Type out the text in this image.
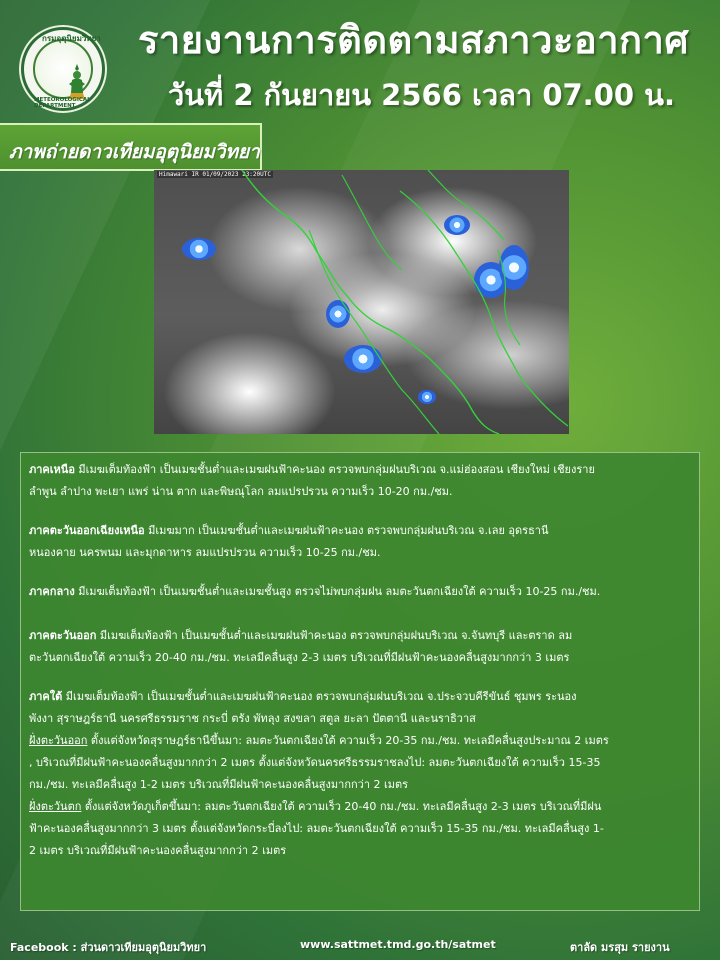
กรมอุตุนิยมวิทยา
METEOROLOGICAL DEPARTMENT
รายงานการติดตามสภาวะอากาศ
วันที่ 2 กันยายน 2566 เวลา 07.00 น.
ภาพถ่ายดาวเทียมอุตุนิยมวิทยา
Himawari IR 01/09/2023 23:20UTC
ภาคเหนือ มีเมฆเต็มท้องฟ้า เป็นเมฆชั้นต่ำและเมฆฝนฟ้าคะนอง ตรวจพบกลุ่มฝนบริเวณ จ.แม่ฮ่องสอน เชียงใหม่ เชียงราย
ลำพูน ลำปาง พะเยา แพร่ น่าน ตาก และพิษณุโลก ลมแปรปรวน ความเร็ว 10-20 กม./ชม.
ภาคตะวันออกเฉียงเหนือ มีเมฆมาก เป็นเมฆชั้นต่ำและเมฆฝนฟ้าคะนอง ตรวจพบกลุ่มฝนบริเวณ จ.เลย อุดรธานี
หนองคาย นครพนม และมุกดาหาร ลมแปรปรวน ความเร็ว 10-25 กม./ชม.
ภาคกลาง มีเมฆเต็มท้องฟ้า เป็นเมฆชั้นต่ำและเมฆชั้นสูง ตรวจไม่พบกลุ่มฝน ลมตะวันตกเฉียงใต้ ความเร็ว 10-25 กม./ชม.
ภาคตะวันออก มีเมฆเต็มท้องฟ้า เป็นเมฆชั้นต่ำและเมฆฝนฟ้าคะนอง ตรวจพบกลุ่มฝนบริเวณ จ.จันทบุรี และตราด ลม
ตะวันตกเฉียงใต้ ความเร็ว 20-40 กม./ชม. ทะเลมีคลื่นสูง 2-3 เมตร บริเวณที่มีฝนฟ้าคะนองคลื่นสูงมากกว่า 3 เมตร
ภาคใต้ มีเมฆเต็มท้องฟ้า เป็นเมฆชั้นต่ำและเมฆฝนฟ้าคะนอง ตรวจพบกลุ่มฝนบริเวณ จ.ประจวบคีรีขันธ์ ชุมพร ระนอง
พังงา สุราษฎร์ธานี นครศรีธรรมราช กระบี่ ตรัง พัทลุง สงขลา สตูล ยะลา ปัตตานี และนราธิวาส
ฝั่งตะวันออก ตั้งแต่จังหวัดสุราษฎร์ธานีขึ้นมา: ลมตะวันตกเฉียงใต้ ความเร็ว 20-35 กม./ชม. ทะเลมีคลื่นสูงประมาณ 2 เมตร
, บริเวณที่มีฝนฟ้าคะนองคลื่นสูงมากกว่า 2 เมตร ตั้งแต่จังหวัดนครศรีธรรมราชลงไป: ลมตะวันตกเฉียงใต้ ความเร็ว 15-35
กม./ชม. ทะเลมีคลื่นสูง 1-2 เมตร บริเวณที่มีฝนฟ้าคะนองคลื่นสูงมากกว่า 2 เมตร
ฝั่งตะวันตก ตั้งแต่จังหวัดภูเก็ตขึ้นมา: ลมตะวันตกเฉียงใต้ ความเร็ว 20-40 กม./ชม. ทะเลมีคลื่นสูง 2-3 เมตร บริเวณที่มีฝน
ฟ้าคะนองคลื่นสูงมากกว่า 3 เมตร ตั้งแต่จังหวัดกระบี่ลงไป: ลมตะวันตกเฉียงใต้ ความเร็ว 15-35 กม./ชม. ทะเลมีคลื่นสูง 1-
2 เมตร บริเวณที่มีฝนฟ้าคะนองคลื่นสูงมากกว่า 2 เมตร
Facebook : ส่วนดาวเทียมอุตุนิยมวิทยา	www.sattmet.tmd.go.th/satmet	ตาลัด มรสุม รายงาน
